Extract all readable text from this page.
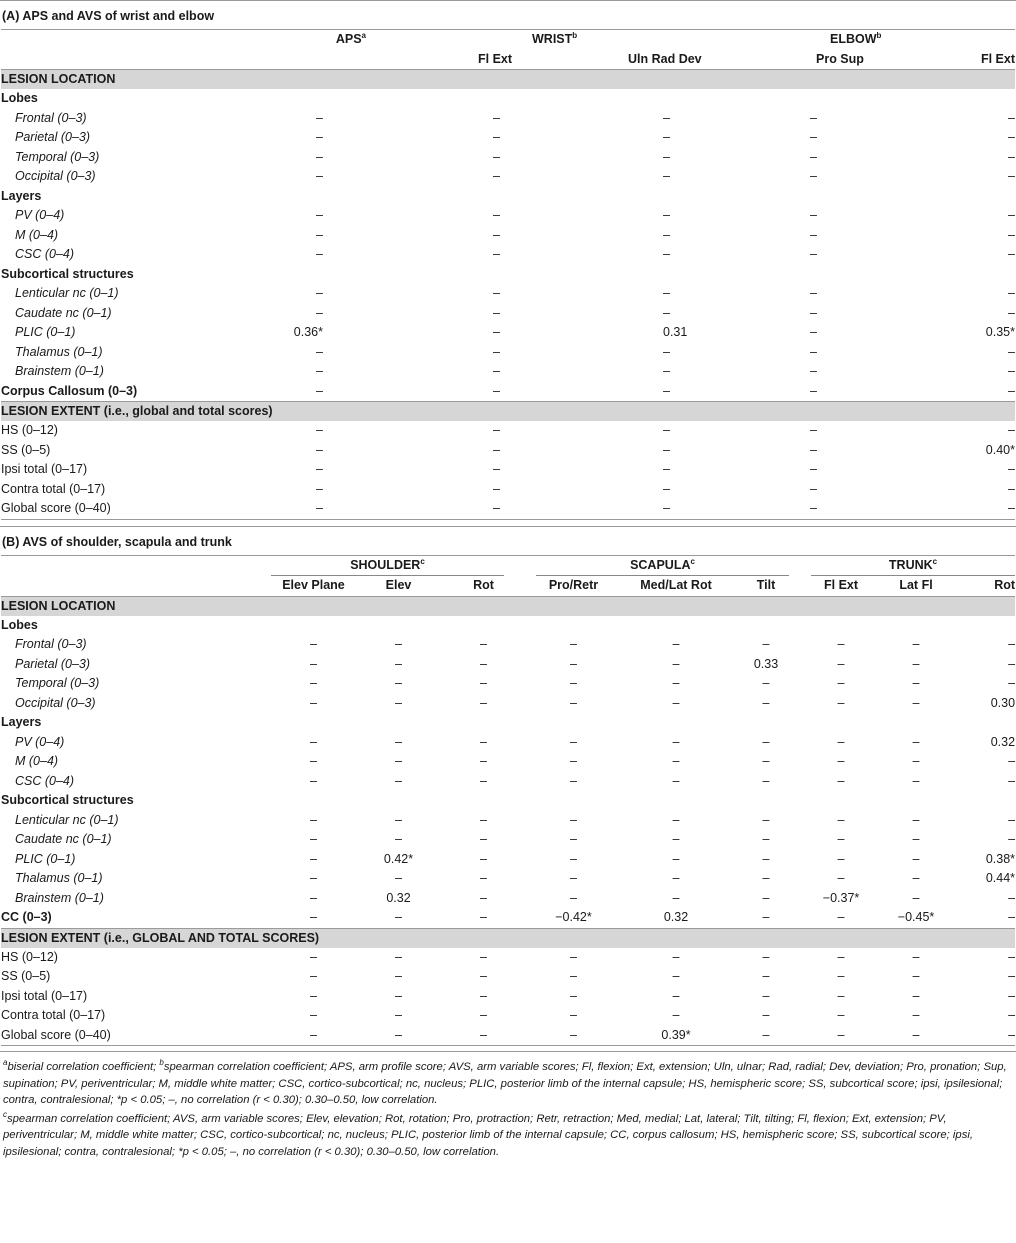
(A) APS and AVS of wrist and elbow
	APS$^a$		WRIST$^b$		ELBOW$^b$
		Fl Ext	Uln Rad Dev	Pro Sup	Fl Ext
LESION LOCATION					
Lobes					
Frontal (0–3)	–	–	–	–	–
Parietal (0–3)	–	–	–	–	–
Temporal (0–3)	–	–	–	–	–
Occipital (0–3)	–	–	–	–	–
Layers					
PV (0–4)	–	–	–	–	–
M (0–4)	–	–	–	–	–
CSC (0–4)	–	–	–	–	–
Subcortical structures					
Lenticular nc (0–1)	–	–	–	–	–
Caudate nc (0–1)	–	–	–	–	–
PLIC (0–1)	0.36*	–	0.31	–	0.35*
Thalamus (0–1)	–	–	–	–	–
Brainstem (0–1)	–	–	–	–	–
Corpus Callosum (0–3)	–	–	–	–	–
LESION EXTENT (i.e., global and total scores)					
HS (0–12)	–	–	–	–	–
SS (0–5)	–	–	–	–	0.40*
Ipsi total (0–17)	–	–	–	–	–
Contra total (0–17)	–	–	–	–	–
Global score (0–40)	–	–	–	–	–
(B) AVS of shoulder, scapula and trunk

	SHOULDER$^c$			SCAPULA$^c$			TRUNK$^c$

	Elev Plane	Elev	Rot	Pro/Retr	Med/Lat Rot	Tilt	Fl Ext	Lat Fl	Rot
LESION LOCATION									
Lobes									
Frontal (0–3)	–	–	–	–	–	–	–	–	–
Parietal (0–3)	–	–	–	–	–	0.33	–	–	–
Temporal (0–3)	–	–	–	–	–	–	–	–	–
Occipital (0–3)	–	–	–	–	–	–	–	–	0.30
Layers									
PV (0–4)	–	–	–	–	–	–	–	–	0.32
M (0–4)	–	–	–	–	–	–	–	–	–
CSC (0–4)	–	–	–	–	–	–	–	–	–
Subcortical structures									
Lenticular nc (0–1)	–	–	–	–	–	–	–	–	–
Caudate nc (0–1)	–	–	–	–	–	–	–	–	–
PLIC (0–1)	–	0.42*	–	–	–	–	–	–	0.38*
Thalamus (0–1)	–	–	–	–	–	–	–	–	0.44*
Brainstem (0–1)	–	0.32	–	–	–	–	−0.37*	–	–
CC (0–3)	–	–	–	−0.42*	0.32	–	–	−0.45*	–
LESION EXTENT (i.e., GLOBAL AND TOTAL SCORES)									
HS (0–12)	–	–	–	–	–	–	–	–	–
SS (0–5)	–	–	–	–	–	–	–	–	–
Ipsi total (0–17)	–	–	–	–	–	–	–	–	–
Contra total (0–17)	–	–	–	–	–	–	–	–	–
Global score (0–40)	–	–	–	–	0.39*	–	–	–	–

$^a$biserial correlation coefficient; $^b$spearman correlation coefficient; APS, arm profile score; AVS, arm variable scores; Fl, flexion; Ext, extension; Uln, ulnar; Rad, radial; Dev, deviation; Pro, pronation; Sup, supination; PV, periventricular; M, middle white matter; CSC, cortico-subcortical; nc, nucleus; PLIC, posterior limb of the internal capsule; HS, hemispheric score; SS, subcortical score; ipsi, ipsilesional; contra, contralesional; *p < 0.05; –, no correlation (r < 0.30); 0.30–0.50, low correlation.

$^c$spearman correlation coefficient; AVS, arm variable scores; Elev, elevation; Rot, rotation; Pro, protraction; Retr, retraction; Med, medial; Lat, lateral; Tilt, tilting; Fl, flexion; Ext, extension; PV, periventricular; M, middle white matter; CSC, cortico-subcortical; nc, nucleus; PLIC, posterior limb of the internal capsule; CC, corpus callosum; HS, hemispheric score; SS, subcortical score; ipsi, ipsilesional; contra, contralesional; *p < 0.05; –, no correlation (r < 0.30); 0.30–0.50, low correlation.
